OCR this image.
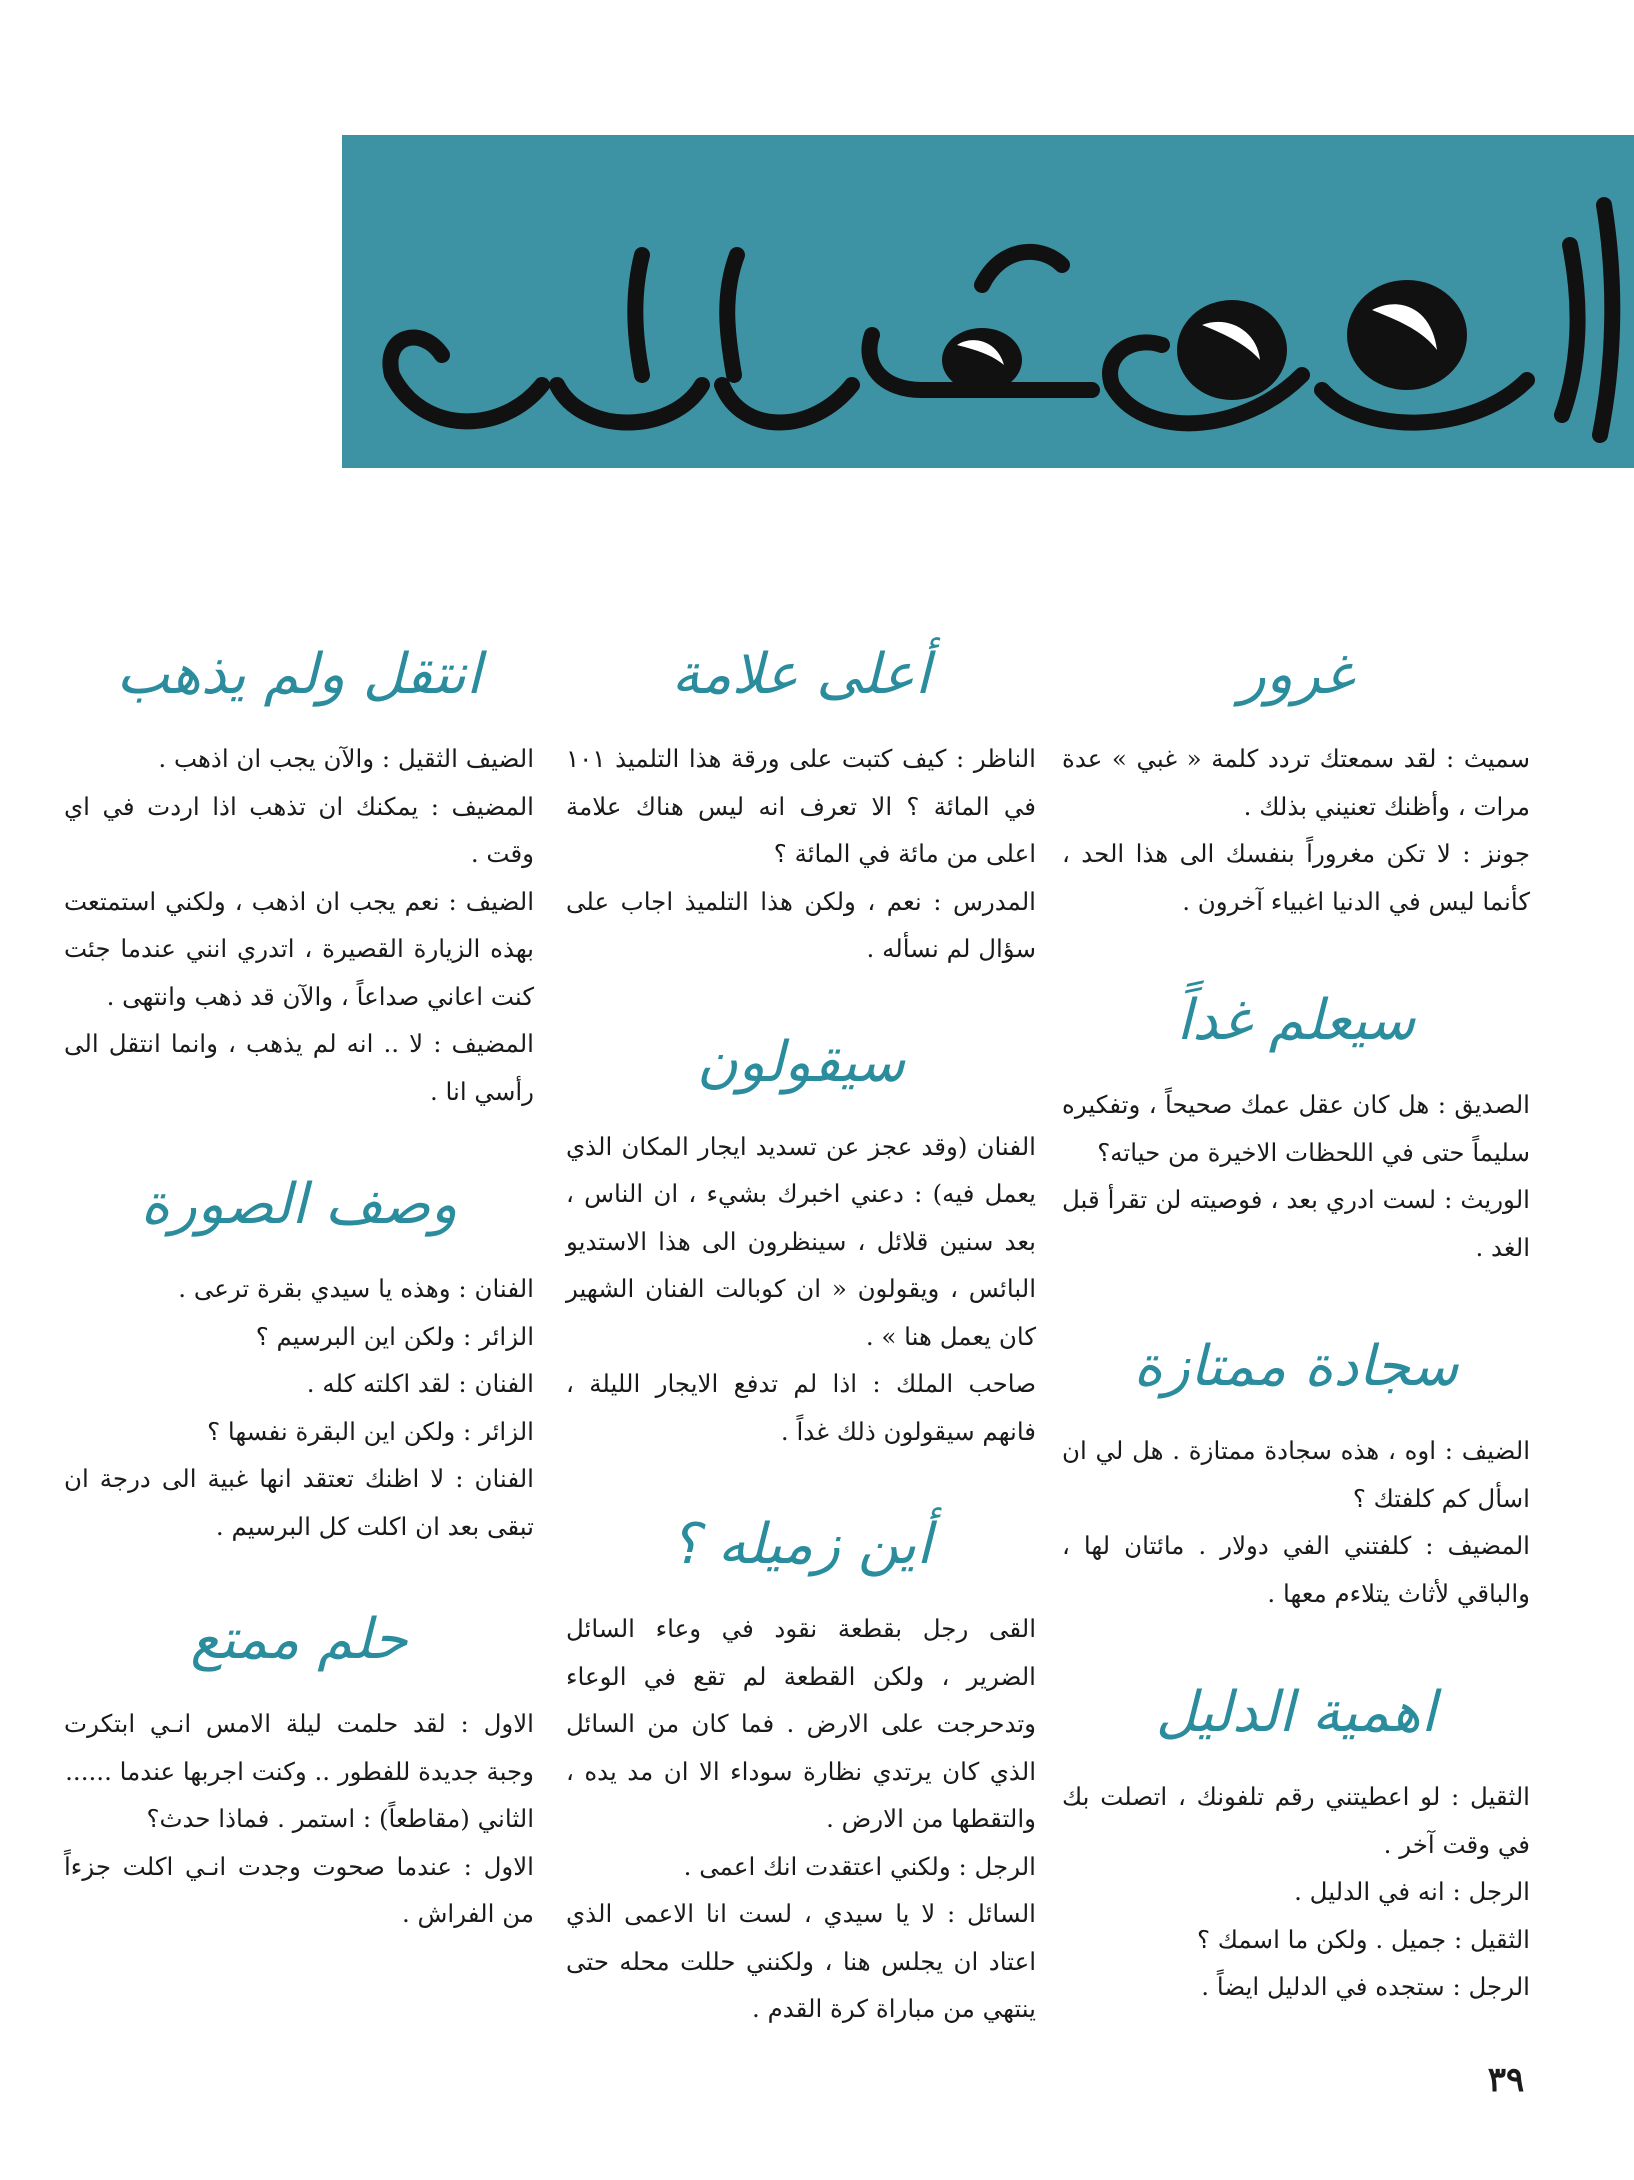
غرور

سميث : لقد سمعتك تردد كلمة « غبي » عدة مرات ، وأظنك تعنيني بذلك .

جونز : لا تكن مغروراً بنفسك الى هذا الحد ، كأنما ليس في الدنيا اغبياء آخرون .

سيعلم غداً

الصديق : هل كان عقل عمك صحيحاً ، وتفكيره سليماً حتى في اللحظات الاخيرة من حياته؟

الوريث : لست ادري بعد ، فوصيته لن تقرأ قبل الغد .

سجادة ممتازة

الضيف : اوه ، هذه سجادة ممتازة . هل لي ان اسأل كم كلفتك ؟

المضيف : كلفتني الفي دولار . مائتان لها ، والباقي لأثاث يتلاءم معها .

اهمية الدليل

الثقيل : لو اعطيتني رقم تلفونك ، اتصلت بك في وقت آخر .

الرجل : انه في الدليل .

الثقيل : جميل . ولكن ما اسمك ؟

الرجل : ستجده في الدليل ايضاً .

أعلى علامة

الناظر : كيف كتبت على ورقة هذا التلميذ ١٠١ في المائة ؟ الا تعرف انه ليس هناك علامة اعلى من مائة في المائة ؟

المدرس : نعم ، ولكن هذا التلميذ اجاب على سؤال لم نسأله .

سيقولون

الفنان (وقد عجز عن تسديد ايجار المكان الذي يعمل فيه) : دعني اخبرك بشيء ، ان الناس ، بعد سنين قلائل ، سينظرون الى هذا الاستديو البائس ، ويقولون « ان كوبالت الفنان الشهير كان يعمل هنا » .

صاحب الملك : اذا لم تدفع الايجار الليلة ، فانهم سيقولون ذلك غداً .

أين زميله ؟

القى رجل بقطعة نقود في وعاء السائل الضرير ، ولكن القطعة لم تقع في الوعاء وتدحرجت على الارض . فما كان من السائل الذي كان يرتدي نظارة سوداء الا ان مد يده ، والتقطها من الارض .

الرجل : ولكني اعتقدت انك اعمى .

السائل : لا يا سيدي ، لست انا الاعمى الذي اعتاد ان يجلس هنا ، ولكنني حللت محله حتى ينتهي من مباراة كرة القدم .

انتقل ولم يذهب

الضيف الثقيل : والآن يجب ان اذهب .

المضيف : يمكنك ان تذهب اذا اردت في اي وقت .

الضيف : نعم يجب ان اذهب ، ولكني استمتعت بهذه الزيارة القصيرة ، اتدري انني عندما جئت كنت اعاني صداعاً ، والآن قد ذهب وانتهى .

المضيف : لا .. انه لم يذهب ، وانما انتقل الى رأسي انا .

وصف الصورة

الفنان : وهذه يا سيدي بقرة ترعى .

الزائر : ولكن اين البرسيم ؟

الفنان : لقد اكلته كله .

الزائر : ولكن اين البقرة نفسها ؟

الفنان : لا اظنك تعتقد انها غبية الى درجة ان تبقى بعد ان اكلت كل البرسيم .

حلم ممتع

الاول : لقد حلمت ليلة الامس انـي ابتكرت وجبة جديدة للفطور .. وكنت اجربها عندما ......

الثاني (مقاطعاً) : استمر . فماذا حدث؟

الاول : عندما صحوت وجدت انـي اكلت جزءاً من الفراش .

٣٩
